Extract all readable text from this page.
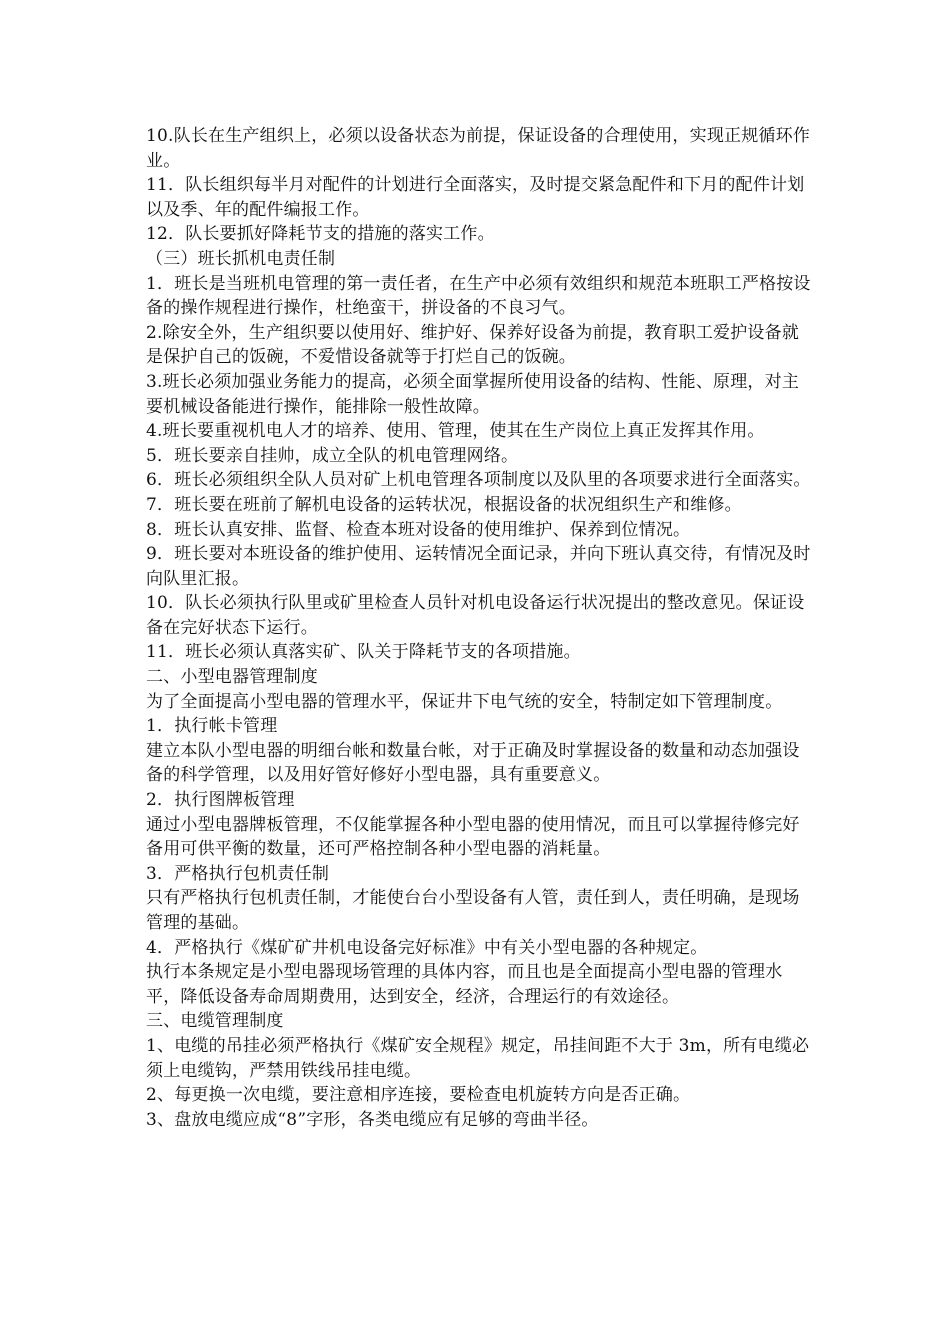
10.队长在生产组织上，必须以设备状态为前提，保证设备的合理使用，实现正规循环作业。

11．队长组织每半月对配件的计划进行全面落实，及时提交紧急配件和下月的配件计划以及季、年的配件编报工作。

12．队长要抓好降耗节支的措施的落实工作。

（三）班长抓机电责任制

1．班长是当班机电管理的第一责任者，在生产中必须有效组织和规范本班职工严格按设备的操作规程进行操作，杜绝蛮干，拼设备的不良习气。

2.除安全外，生产组织要以使用好、维护好、保养好设备为前提，教育职工爱护设备就是保护自己的饭碗，不爱惜设备就等于打烂自己的饭碗。

3.班长必须加强业务能力的提高，必须全面掌握所使用设备的结构、性能、原理，对主要机械设备能进行操作，能排除一般性故障。

4.班长要重视机电人才的培养、使用、管理，使其在生产岗位上真正发挥其作用。

5．班长要亲自挂帅，成立全队的机电管理网络。

6．班长必须组织全队人员对矿上机电管理各项制度以及队里的各项要求进行全面落实。

7．班长要在班前了解机电设备的运转状况，根据设备的状况组织生产和维修。

8．班长认真安排、监督、检查本班对设备的使用维护、保养到位情况。

9．班长要对本班设备的维护使用、运转情况全面记录，并向下班认真交待，有情况及时向队里汇报。

10．队长必须执行队里或矿里检查人员针对机电设备运行状况提出的整改意见。保证设备在完好状态下运行。

11．班长必须认真落实矿、队关于降耗节支的各项措施。

二、小型电器管理制度

为了全面提高小型电器的管理水平，保证井下电气统的安全，特制定如下管理制度。

1．执行帐卡管理

建立本队小型电器的明细台帐和数量台帐，对于正确及时掌握设备的数量和动态加强设备的科学管理，以及用好管好修好小型电器，具有重要意义。

2．执行图牌板管理

通过小型电器牌板管理，不仅能掌握各种小型电器的使用情况，而且可以掌握待修完好备用可供平衡的数量，还可严格控制各种小型电器的消耗量。

3．严格执行包机责任制

只有严格执行包机责任制，才能使台台小型设备有人管，责任到人，责任明确，是现场管理的基础。

4．严格执行《煤矿矿井机电设备完好标准》中有关小型电器的各种规定。

执行本条规定是小型电器现场管理的具体内容，而且也是全面提高小型电器的管理水平，降低设备寿命周期费用，达到安全，经济，合理运行的有效途径。

三、电缆管理制度

1、电缆的吊挂必须严格执行《煤矿安全规程》规定，吊挂间距不大于 3m，所有电缆必须上电缆钩，严禁用铁线吊挂电缆。

2、每更换一次电缆，要注意相序连接，要检查电机旋转方向是否正确。

3、盘放电缆应成“8”字形，各类电缆应有足够的弯曲半径。
